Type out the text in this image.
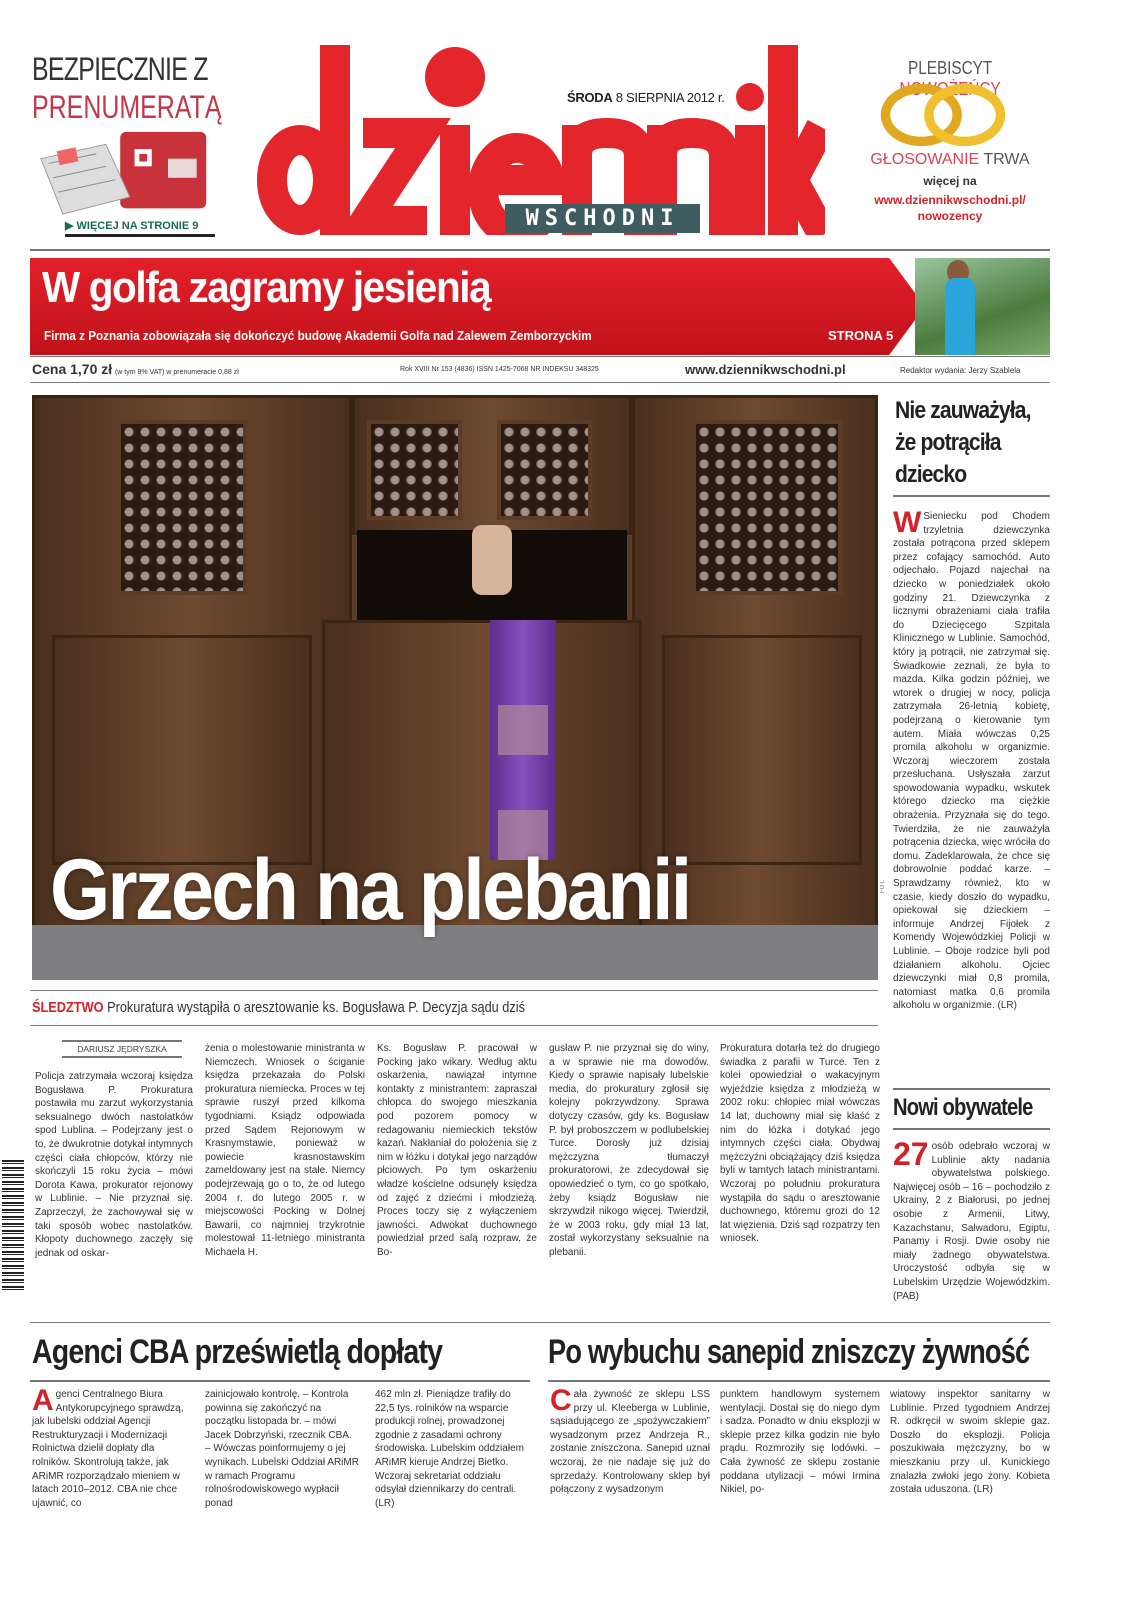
BEZPIECZNIE Z
PRENUMERATĄ
▶ WIĘCEJ NA STRONIE 9	WSCHODNI
ŚRODA 8 SIERPNIA 2012 r.
PLEBISCYT NOWOŻEŃCY
GŁOSOWANIE TRWA
więcej na
www.dziennikwschodni.pl/ nowozency
W golfa zagramy jesienią
Firma z Poznania zobowiązała się dokończyć budowę Akademii Golfa nad Zalewem Zemborzyckim	STRONA 5
Cena 1,70 zł (w tym 8% VAT) w prenumeracie 0,88 zł	Rok XVIII Nr 153 (4836) ISSN 1425-7068 NR INDEKSU 348325	www.dziennikwschodni.pl	Redaktor wydania: Jerzy Szablela
Grzech na plebanii	FOT.
Nie zauważyła, że potrąciła dziecko
W Sieniecku pod Chodem trzyletnia dziewczynka została potrącona przed sklepem przez cofający samochód. Auto odjechało. Pojazd najechał na dziecko w poniedziałek około godziny 21. Dziewczynka z licznymi obrażeniami ciała trafiła do Dziecięcego Szpitala Klinicznego w Lublinie. Samochód, który ją potrącił, nie zatrzymał się. Świadkowie zeznali, że była to mazda. Kilka godzin później, we wtorek o drugiej w nocy, policja zatrzymała 26-letnią kobietę, podejrzaną o kierowanie tym autem. Miała wówczas 0,25 promila alkoholu w organizmie. Wczoraj wieczorem została przesłuchana. Usłyszała zarzut spowodowania wypadku, wskutek którego dziecko ma ciężkie obrażenia. Przyznała się do tego. Twierdziła, że nie zauważyła potrącenia dziecka, więc wróciła do domu. Zadeklarowała, że chce się dobrowolnie poddać karze. – Sprawdzamy również, kto w czasie, kiedy doszło do wypadku, opiekował się dzieckiem – informuje Andrzej Fijołek z Komendy Wojewódzkiej Policji w Lublinie. – Oboje rodzice byli pod działaniem alkoholu. Ojciec dziewczynki miał 0,8 promila, natomiast matka 0,6 promila alkoholu w organizmie. (LR)
Nowi obywatele
27 osób odebrało wczoraj w Lublinie akty nadania obywatelstwa polskiego. Najwięcej osób – 16 – pochodziło z Ukrainy, 2 z Białorusi, po jednej osobie z Armenii, Litwy, Kazachstanu, Salwadoru, Egiptu, Panamy i Rosji. Dwie osoby nie miały żadnego obywatelstwa. Uroczystość odbyła się w Lubelskim Urzędzie Wojewódzkim. (PAB)
ŚLEDZTWO Prokuratura wystąpiła o aresztowanie ks. Bogusława P. Decyzja sądu dziś
DARIUSZ JĘDRYSZKA
Policja zatrzymała wczoraj księdza Bogusława P. Prokuratura postawiła mu zarzut wykorzystania seksualnego dwóch nastolatków spod Lublina. – Podejrzany jest o to, że dwukrotnie dotykał intymnych części ciała chłopców, którzy nie skończyli 15 roku życia – mówi Dorota Kawa, prokurator rejonowy w Lublinie. – Nie przyznał się. Zaprzeczył, że zachowywał się w taki sposób wobec nastolatków. Kłopoty duchownego zaczęły się jednak od oskar-
żenia o molestowanie ministranta w Niemczech. Wniosek o ściganie księdza przekazała do Polski prokuratura niemiecka. Proces w tej sprawie ruszył przed kilkoma tygodniami. Ksiądz odpowiada przed Sądem Rejonowym w Krasnymstawie, ponieważ w powiecie krasnostawskim zameldowany jest na stałe. Niemcy podejrzewają go o to, że od lutego 2004 r. do lutego 2005 r. w miejscowości Pocking w Dolnej Bawarii, co najmniej trzykrotnie molestował 11-letniego ministranta Michaela H.
Ks. Bogusław P. pracował w Pocking jako wikary. Według aktu oskarżenia, nawiązał intymne kontakty z ministrantem: zapraszał chłopca do swojego mieszkania pod pozorem pomocy w redagowaniu niemieckich tekstów kazań. Nakłaniał do położenia się z nim w łóżku i dotykał jego narządów płciowych. Po tym oskarżeniu władze kościelne odsunęły księdza od zajęć z dziećmi i młodzieżą. Proces toczy się z wyłączeniem jawności. Adwokat duchownego powiedział przed salą rozpraw, że Bo-
gusław P. nie przyznał się do winy, a w sprawie nie ma dowodów. Kiedy o sprawie napisały lubelskie media, do prokuratury zgłosił się kolejny pokrzywdzony. Sprawa dotyczy czasów, gdy ks. Bogusław P. był proboszczem w podlubelskiej Turce. Dorosły już dzisiaj mężczyzna tłumaczył prokuratorowi, że zdecydował się opowiedzieć o tym, co go spotkało, żeby ksiądz Bogusław nie skrzywdził nikogo więcej. Twierdził, że w 2003 roku, gdy miał 13 lat, został wykorzystany seksualnie na plebanii.
Prokuratura dotarła też do drugiego świadka z parafii w Turce. Ten z kolei opowiedział o wakacyjnym wyjeździe księdza z młodzieżą w 2002 roku: chłopiec miał wówczas 14 lat, duchowny miał się kłaść z nim do łóżka i dotykać jego intymnych części ciała. Obydwaj mężczyźni obciążający dziś księdza byli w tamtych latach ministrantami. Wczoraj po południu prokuratura wystąpiła do sądu o aresztowanie duchownego, któremu grozi do 12 lat więzienia. Dziś sąd rozpatrzy ten wniosek.
Agenci CBA prześwietlą dopłaty
Agenci Centralnego Biura Antykorupcyjnego sprawdzą, jak lubelski oddział Agencji Restrukturyzacji i Modernizacji Rolnictwa dzielił dopłaty dla rolników. Skontrolują także, jak ARiMR rozporządzało mieniem w latach 2010–2012. CBA nie chce ujawnić, co
zainicjowało kontrolę. – Kontrola powinna się zakończyć na początku listopada br. – mówi Jacek Dobrzyński, rzecznik CBA. – Wówczas poinformujemy o jej wynikach. Lubelski Oddział ARiMR w ramach Programu rolnośrodowiskowego wypłacił ponad
462 mln zł. Pieniądze trafiły do 22,5 tys. rolników na wsparcie produkcji rolnej, prowadzonej zgodnie z zasadami ochrony środowiska. Lubelskim oddziałem ARiMR kieruje Andrzej Bietko. Wczoraj sekretariat oddziału odsyłał dziennikarzy do centrali. (LR)
Po wybuchu sanepid zniszczy żywność
Cała żywność ze sklepu LSS przy ul. Kleeberga w Lublinie, sąsiadującego ze „spożywczakiem” wysadzonym przez Andrzeja R., zostanie zniszczona. Sanepid uznał wczoraj, że nie nadaje się już do sprzedaży. Kontrolowany sklep był połączony z wysadzonym
punktem handlowym systemem wentylacji. Dostał się do niego dym i sadza. Ponadto w dniu eksplozji w sklepie przez kilka godzin nie było prądu. Rozmroziły się lodówki. – Cała żywność ze sklepu zostanie poddana utylizacji – mówi Irmina Nikiel, po-
wiatowy inspektor sanitarny w Lublinie. Przed tygodniem Andrzej R. odkręcił w swoim sklepie gaz. Doszło do eksplozji. Policja poszukiwała mężczyzny, bo w mieszkaniu przy ul. Kunickiego znalazła zwłoki jego żony. Kobieta została uduszona. (LR)
